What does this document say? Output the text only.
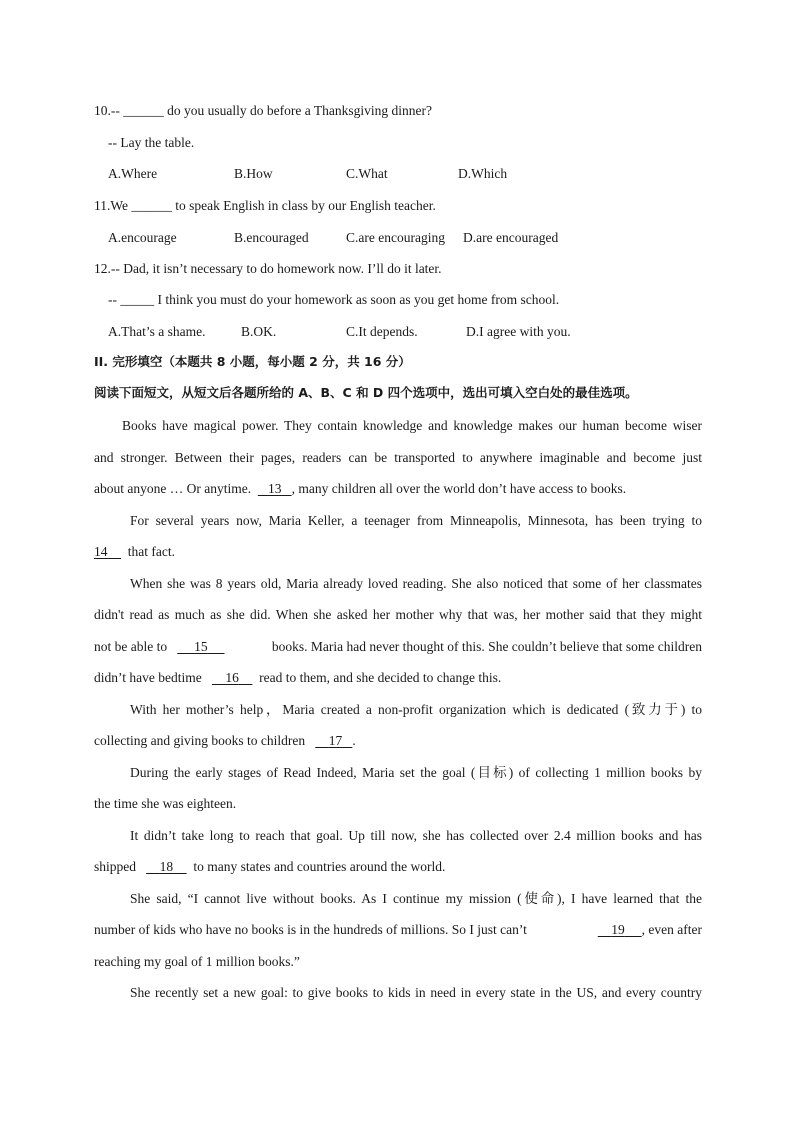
10.-- ______ do you usually do before a Thanksgiving dinner?
-- Lay the table.
A.Where	B.How	C.What	D.Which
11.We ______ to speak English in class by our English teacher.
A.encourage	B.encouraged	C.are encouraging D.are encouraged
12.-- Dad, it isn’t necessary to do homework now. I’ll do it later.
-- _____ I think you must do your homework as soon as you get home from school.
A.That’s a shame.	B.OK.	C.It depends.	D.I agree with you.
II. 完形填空（本题共 8 小题，每小题 2 分，共 16 分）
阅读下面短文，从短文后各题所给的 A、B、C 和 D 四个选项中，选出可填入空白处的最佳选项。
Books have magical power. They contain knowledge and knowledge makes our human become wiser
and stronger. Between their pages, readers can be transported to anywhere imaginable and become just
about anyone … Or anytime. 13 , many children all over the world don’t have access to books.
For several years now, Maria Keller, a teenager from Minneapolis, Minnesota, has been trying to
14 that fact.
When she was 8 years old, Maria already loved reading. She also noticed that some of her classmates
didn't read as much as she did. When she asked her mother why that was, her mother said that they might
not be able to 15	books. Maria had never thought of this. She couldn’t believe that some children
didn’t have bedtime 16 read to them, and she decided to change this.
With her mother’s help，Maria created a non-profit organization which is dedicated (致力于) to
collecting and giving books to children 17 .
During the early stages of Read Indeed, Maria set the goal (目标) of collecting 1 million books by
the time she was eighteen.
It didn’t take long to reach that goal. Up till now, she has collected over 2.4 million books and has
shipped 18 to many states and countries around the world.
She said, “I cannot live without books. As I continue my mission (使命), I have learned that the
number of kids who have no books is in the hundreds of millions. So I just can’t	19 , even after
reaching my goal of 1 million books.”
She recently set a new goal: to give books to kids in need in every state in the US, and every country
